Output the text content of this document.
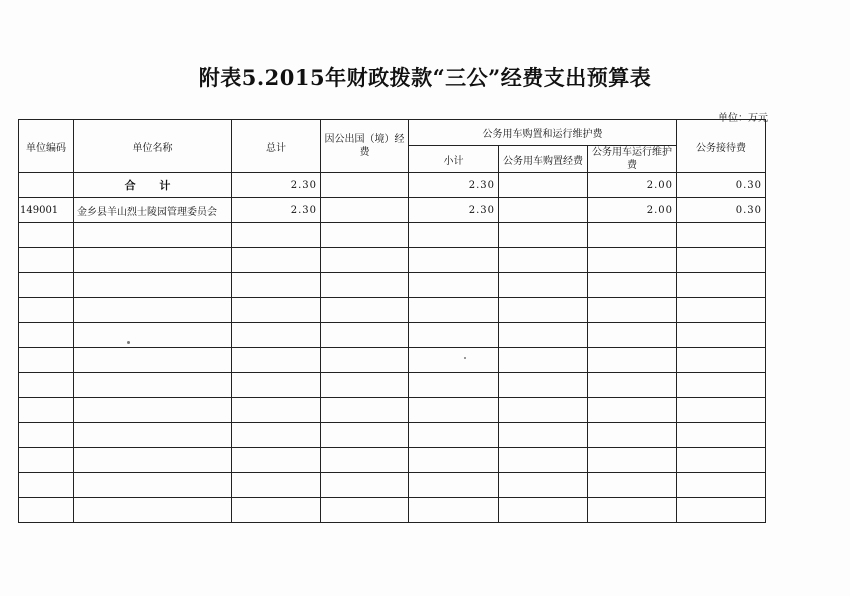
附表5.2015年财政拨款“三公”经费支出预算表
单位：万元
单位编码	单位名称	总计	因公出国（境）经费	公务用车购置和运行维护费			公务接待费
				小计	公务用车购置经费	公务用车运行维护费	
	合 计	2.30		2.30		2.00	0.30
149001	金乡县羊山烈士陵园管理委员会	2.30		2.30		2.00	0.30
